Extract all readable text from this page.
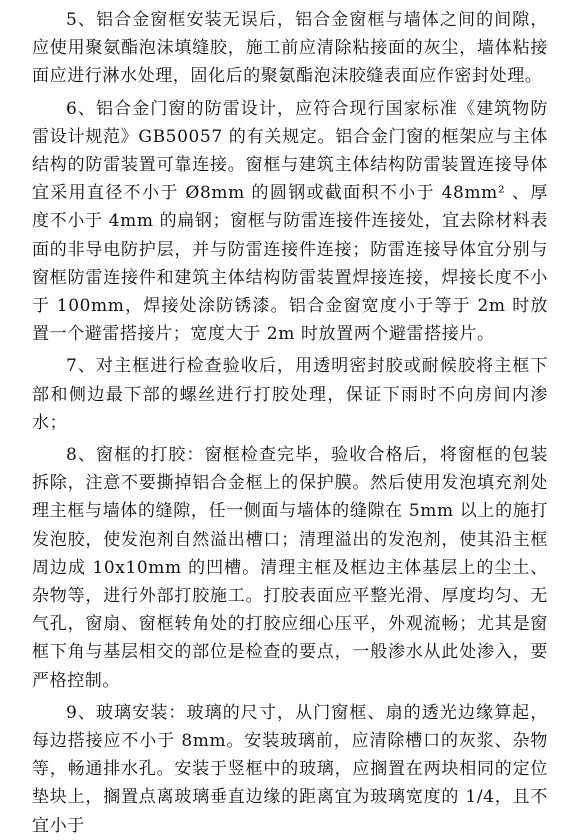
5、铝合金窗框安装无误后，铝合金窗框与墙体之间的间隙，应使用聚氨酯泡沫填缝胶，施工前应清除粘接面的灰尘，墙体粘接面应进行淋水处理，固化后的聚氨酯泡沫胶缝表面应作密封处理。

6、铝合金门窗的防雷设计，应符合现行国家标准《建筑物防雷设计规范》GB50057 的有关规定。铝合金门窗的框架应与主体结构的防雷装置可靠连接。窗框与建筑主体结构防雷装置连接导体宜采用直径不小于 Ø8mm 的圆钢或截面积不小于 48mm² 、厚度不小于 4mm 的扁钢；窗框与防雷连接件连接处，宜去除材料表面的非导电防护层，并与防雷连接件连接；防雷连接导体宜分别与窗框防雷连接件和建筑主体结构防雷装置焊接连接，焊接长度不小于 100mm，焊接处涂防锈漆。铝合金窗宽度小于等于 2m 时放置一个避雷搭接片；宽度大于 2m 时放置两个避雷搭接片。

7、对主框进行检查验收后，用透明密封胶或耐候胶将主框下部和侧边最下部的螺丝进行打胶处理，保证下雨时不向房间内渗水；

8、窗框的打胶：窗框检查完毕，验收合格后，将窗框的包装拆除，注意不要撕掉铝合金框上的保护膜。然后使用发泡填充剂处理主框与墙体的缝隙，任一侧面与墙体的缝隙在 5mm 以上的施打发泡胶，使发泡剂自然溢出槽口；清理溢出的发泡剂，使其沿主框周边成 10x10mm 的凹槽。清理主框及框边主体基层上的尘土、杂物等，进行外部打胶施工。打胶表面应平整光滑、厚度均匀、无气孔，窗扇、窗框转角处的打胶应细心压平，外观流畅；尤其是窗框下角与基层相交的部位是检查的要点，一般渗水从此处渗入，要严格控制。

9、玻璃安装：玻璃的尺寸，从门窗框、扇的透光边缘算起，每边搭接应不小于 8mm。安装玻璃前，应清除槽口的灰浆、杂物等，畅通排水孔。安装于竖框中的玻璃，应搁置在两块相同的定位垫块上，搁置点离玻璃垂直边缘的距离宜为玻璃宽度的 1/4，且不宜小于
